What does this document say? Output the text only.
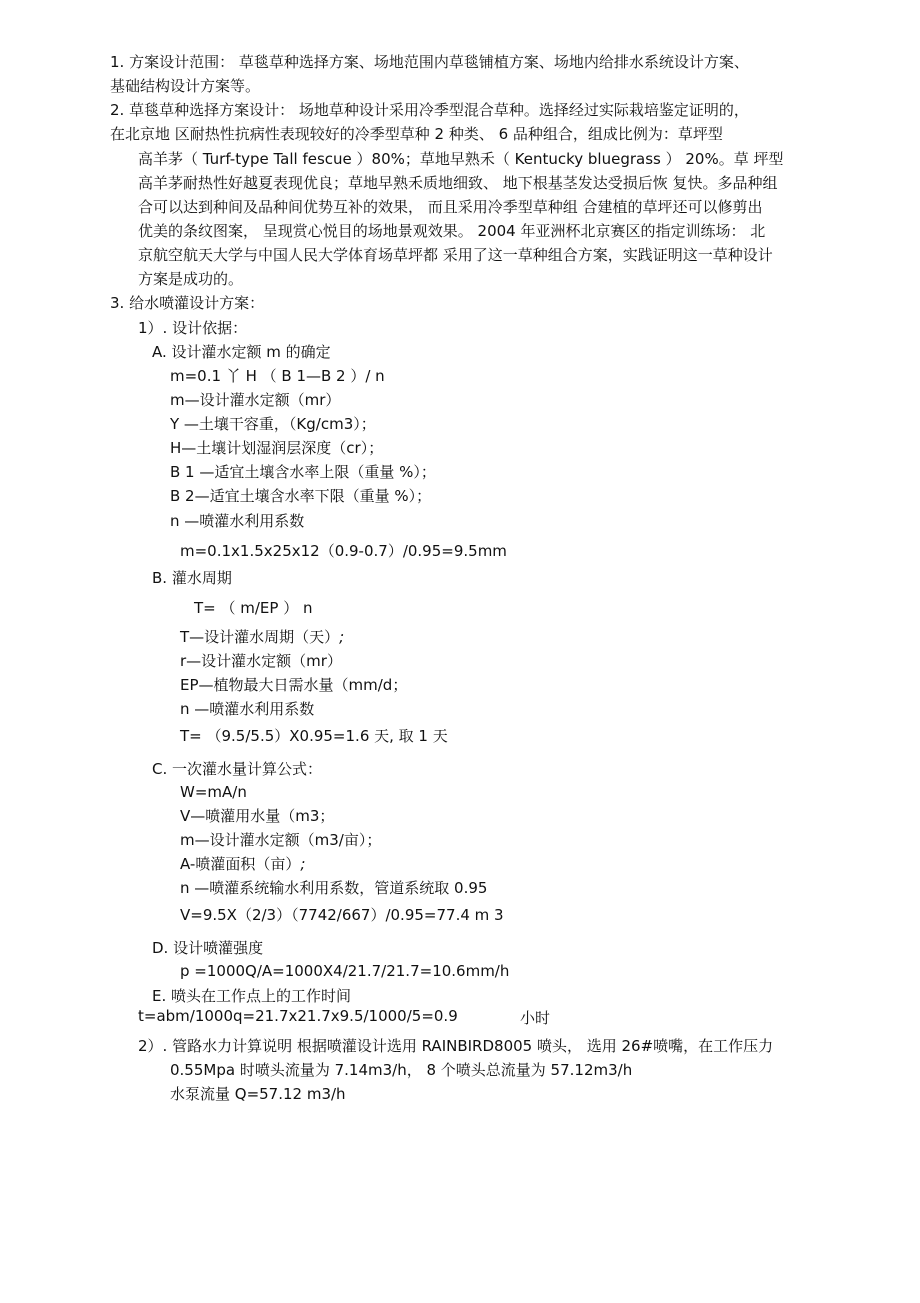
1. 方案设计范围： 草毯草种选择方案、场地范围内草毯铺植方案、场地内给排水系统设计方案、
基础结构设计方案等。
2. 草毯草种选择方案设计： 场地草种设计采用冷季型混合草种。选择经过实际栽培鉴定证明的，
在北京地 区耐热性抗病性表现较好的冷季型草种 2 种类、 6 品种组合，组成比例为：草坪型
高羊茅（ Turf-type Tall fescue ）80%；草地早熟禾（ Kentucky bluegrass ） 20%。草 坪型
高羊茅耐热性好越夏表现优良；草地早熟禾质地细致、 地下根基茎发达受损后恢 复快。多品种组
合可以达到种间及品种间优势互补的效果， 而且采用冷季型草种组 合建植的草坪还可以修剪出
优美的条纹图案， 呈现赏心悦目的场地景观效果。 2004 年亚洲杯北京赛区的指定训练场： 北
京航空航天大学与中国人民大学体育场草坪都 采用了这一草种组合方案，实践证明这一草种设计
方案是成功的。
3. 给水喷灌设计方案：
1）. 设计依据：
A. 设计灌水定额 m 的确定
m=0.1 丫 H （ B 1—B 2 ）/ n
m—设计灌水定额（mr）
Y —土壤干容重，（Kg/cm3）；
H—土壤计划湿润层深度（cr）；
B 1 —适宜土壤含水率上限（重量 %）；
B 2—适宜土壤含水率下限（重量 %）；
n —喷灌水利用系数
m=0.1x1.5x25x12（0.9-0.7）/0.95=9.5mm
B. 灌水周期
T= （ m/EP ） n
T—设计灌水周期（天）;
r—设计灌水定额（mr）
EP—植物最大日需水量（mm/d；
n —喷灌水利用系数
T= （9.5/5.5）X0.95=1.6 天, 取 1 天
C. 一次灌水量计算公式：
W=mA/n
V—喷灌用水量（m3；
m—设计灌水定额（m3/亩）；
A-喷灌面积（亩）;
n —喷灌系统输水利用系数，管道系统取 0.95
V=9.5X（2/3）（7742/667）/0.95=77.4 m 3
D. 设计喷灌强度
p =1000Q/A=1000X4/21.7/21.7=10.6mm/h
E. 喷头在工作点上的工作时间
t=abm/1000q=21.7x21.7x9.5/1000/5=0.9	小时
2）. 管路水力计算说明 根据喷灌设计选用 RAINBIRD8005 喷头， 选用 26#喷嘴，在工作压力
0.55Mpa 时喷头流量为 7.14m3/h， 8 个喷头总流量为 57.12m3/h
水泵流量 Q=57.12 m3/h
